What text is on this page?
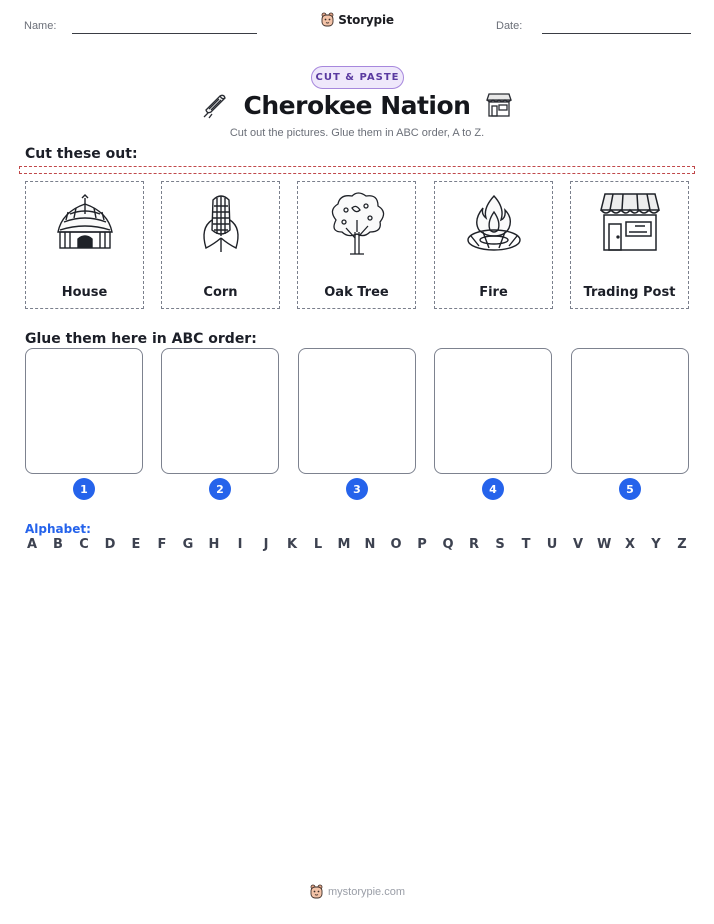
Name:	Storypie	Date:
CUT & PASTE
Cherokee Nation
Cut out the pictures. Glue them in ABC order, A to Z.
Cut these out:
House	Corn	Oak Tree	Fire	Trading Post
Glue them here in ABC order:
1	2	3	4	5
Alphabet:
A B C D E F G H	I	J	K L M N O P Q R S T U V W X Y Z
mystorypie.com
